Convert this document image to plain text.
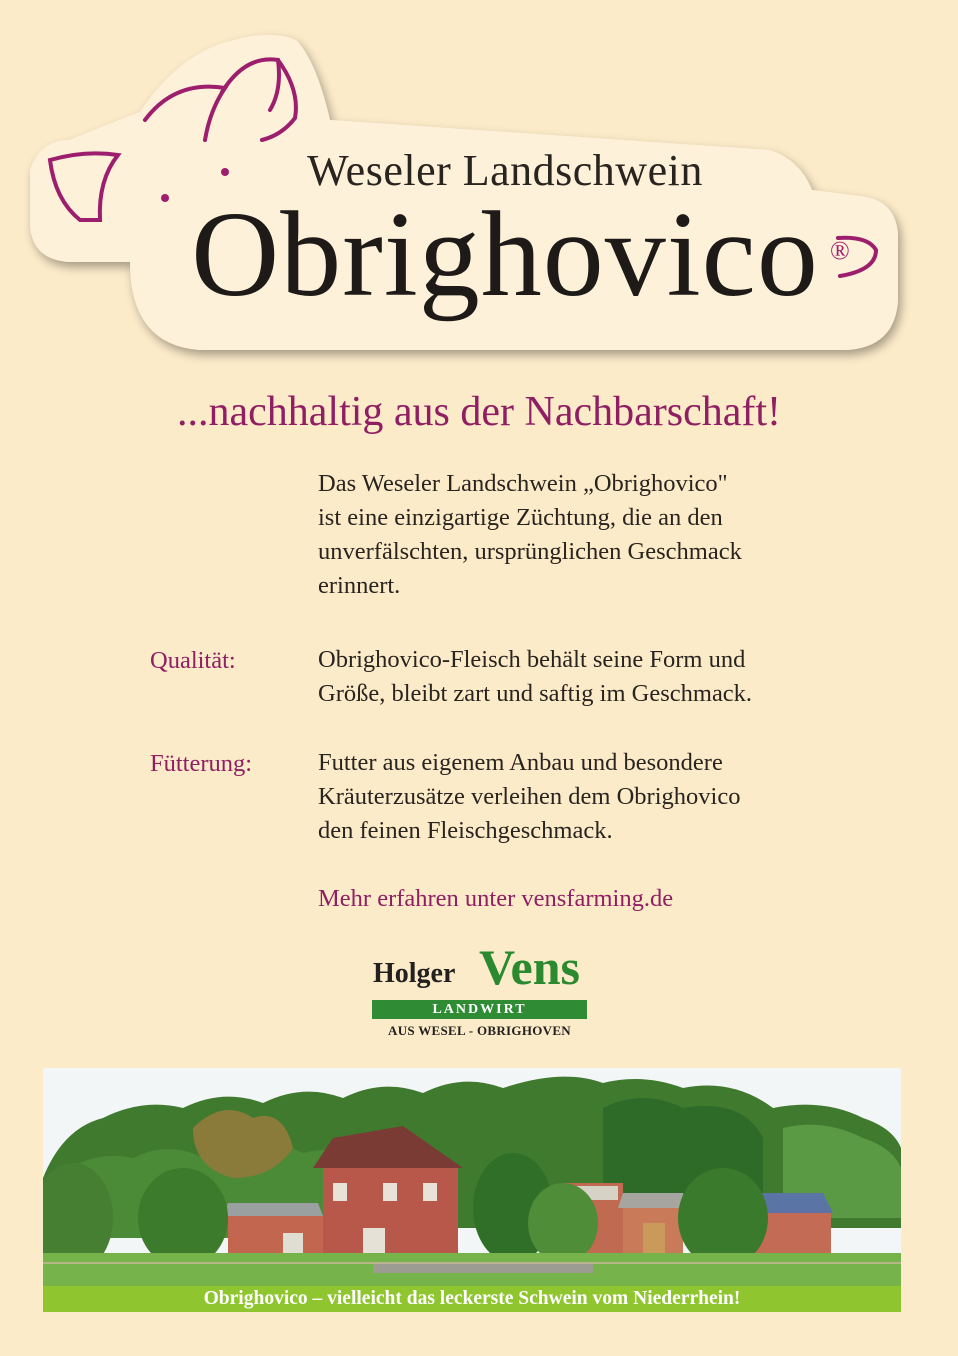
Weseler Landschwein
Obrighovico ®
...nachhaltig aus der Nachbarschaft!
Das Weseler Landschwein „Obrighovico"
ist eine einzigartige Züchtung, die an den
unverfälschten, ursprünglichen Geschmack
erinnert.
Qualität:	Obrighovico-Fleisch behält seine Form und
Größe, bleibt zart und saftig im Geschmack.
Fütterung:	Futter aus eigenem Anbau und besondere
Kräuterzusätze verleihen dem Obrighovico
den feinen Fleischgeschmack.
Mehr erfahren unter vensfarming.de
Holger Vens
LANDWIRT
AUS WESEL - OBRIGHOVEN
Obrighovico – vielleicht das leckerste Schwein vom Niederrhein!
